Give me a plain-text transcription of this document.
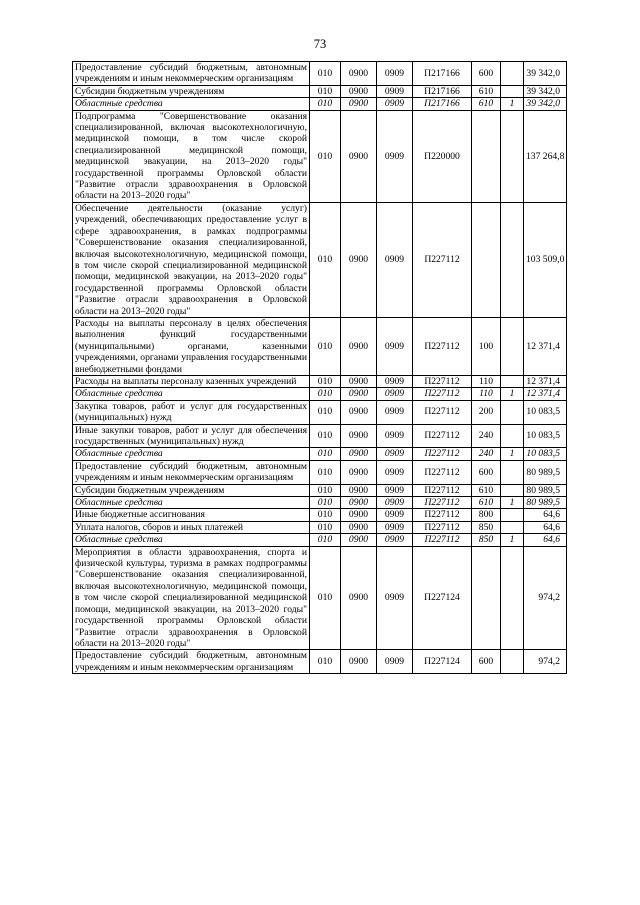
73
Предоставление субсидий бюджетным, автономным учреждениям и иным некоммерческим организациям	010	0900	0909	П217166	600		39 342,0
Субсидии бюджетным учреждениям	010	0900	0909	П217166	610		39 342,0
Областные средства	010	0900	0909	П217166	610	1	39 342,0
Подпрограмма "Совершенствование оказания специализированной, включая высокотехнологичную, медицинской помощи, в том числе скорой специализированной медицинской помощи, медицинской эвакуации, на 2013–2020 годы" государственной программы Орловской области "Развитие отрасли здравоохранения в Орловской области на 2013–2020 годы"	010	0900	0909	П220000			137 264,8
Обеспечение деятельности (оказание услуг) учреждений, обеспечивающих предоставление услуг в сфере здравоохранения, в рамках подпрограммы "Совершенствование оказания специализированной, включая высокотехнологичную, медицинской помощи, в том числе скорой специализированной медицинской помощи, медицинской эвакуации, на 2013–2020 годы" государственной программы Орловской области "Развитие отрасли здравоохранения в Орловской области на 2013–2020 годы"	010	0900	0909	П227112			103 509,0
Расходы на выплаты персоналу в целях обеспечения выполнения функций государственными (муниципальными) органами, казенными учреждениями, органами управления государственными внебюджетными фондами	010	0900	0909	П227112	100		12 371,4
Расходы на выплаты персоналу казенных учреждений	010	0900	0909	П227112	110		12 371,4
Областные средства	010	0900	0909	П227112	110	1	12 371,4
Закупка товаров, работ и услуг для государственных (муниципальных) нужд	010	0900	0909	П227112	200		10 083,5
Иные закупки товаров, работ и услуг для обеспечения государственных (муниципальных) нужд	010	0900	0909	П227112	240		10 083,5
Областные средства	010	0900	0909	П227112	240	1	10 083,5
Предоставление субсидий бюджетным, автономным учреждениям и иным некоммерческим организациям	010	0900	0909	П227112	600		80 989,5
Субсидии бюджетным учреждениям	010	0900	0909	П227112	610		80 989,5
Областные средства	010	0900	0909	П227112	610	1	80 989,5
Иные бюджетные ассигнования	010	0900	0909	П227112	800		64,6
Уплата налогов, сборов и иных платежей	010	0900	0909	П227112	850		64,6
Областные средства	010	0900	0909	П227112	850	1	64,6
Мероприятия в области здравоохранения, спорта и физической культуры, туризма в рамках подпрограммы "Совершенствование оказания специализированной, включая высокотехнологичную, медицинской помощи, в том числе скорой специализированной медицинской помощи, медицинской эвакуации, на 2013–2020 годы" государственной программы Орловской области "Развитие отрасли здравоохранения в Орловской области на 2013–2020 годы"	010	0900	0909	П227124			974,2
Предоставление субсидий бюджетным, автономным учреждениям и иным некоммерческим организациям	010	0900	0909	П227124	600		974,2
